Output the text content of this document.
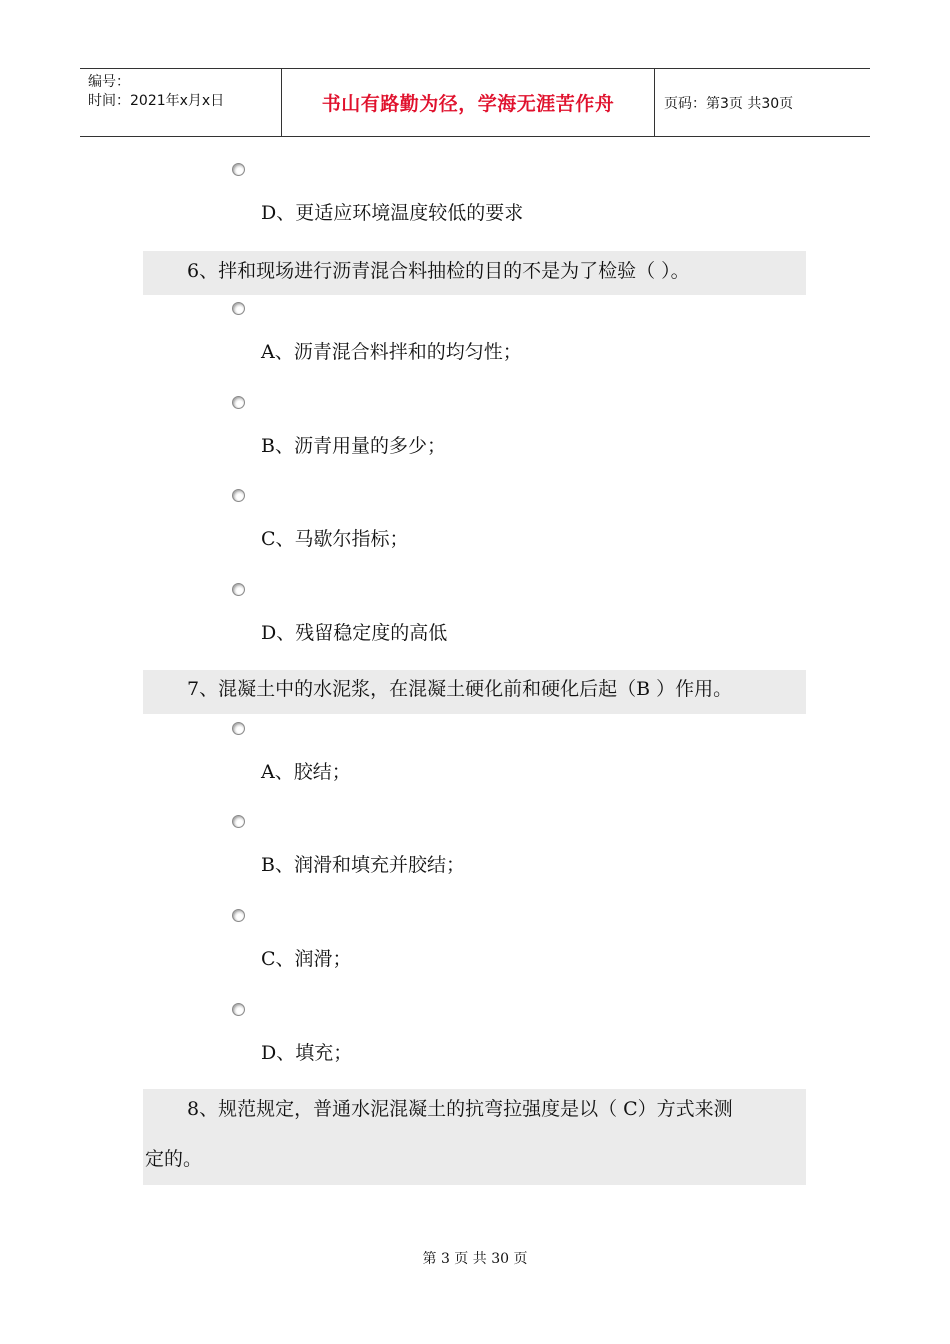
编号：
时间：2021年x月x日	书山有路勤为径，学海无涯苦作舟	页码：第3页 共30页
D、更适应环境温度较低的要求
6、拌和现场进行沥青混合料抽检的目的不是为了检验（ ）。
A、沥青混合料拌和的均匀性；
B、沥青用量的多少；
C、马歇尔指标；
D、残留稳定度的高低
7、混凝土中的水泥浆，在混凝土硬化前和硬化后起（B ）作用。
A、胶结；
B、润滑和填充并胶结；
C、润滑；
D、填充；
8、规范规定，普通水泥混凝土的抗弯拉强度是以（ C）方式来测
定的。
第 3 页 共 30 页
